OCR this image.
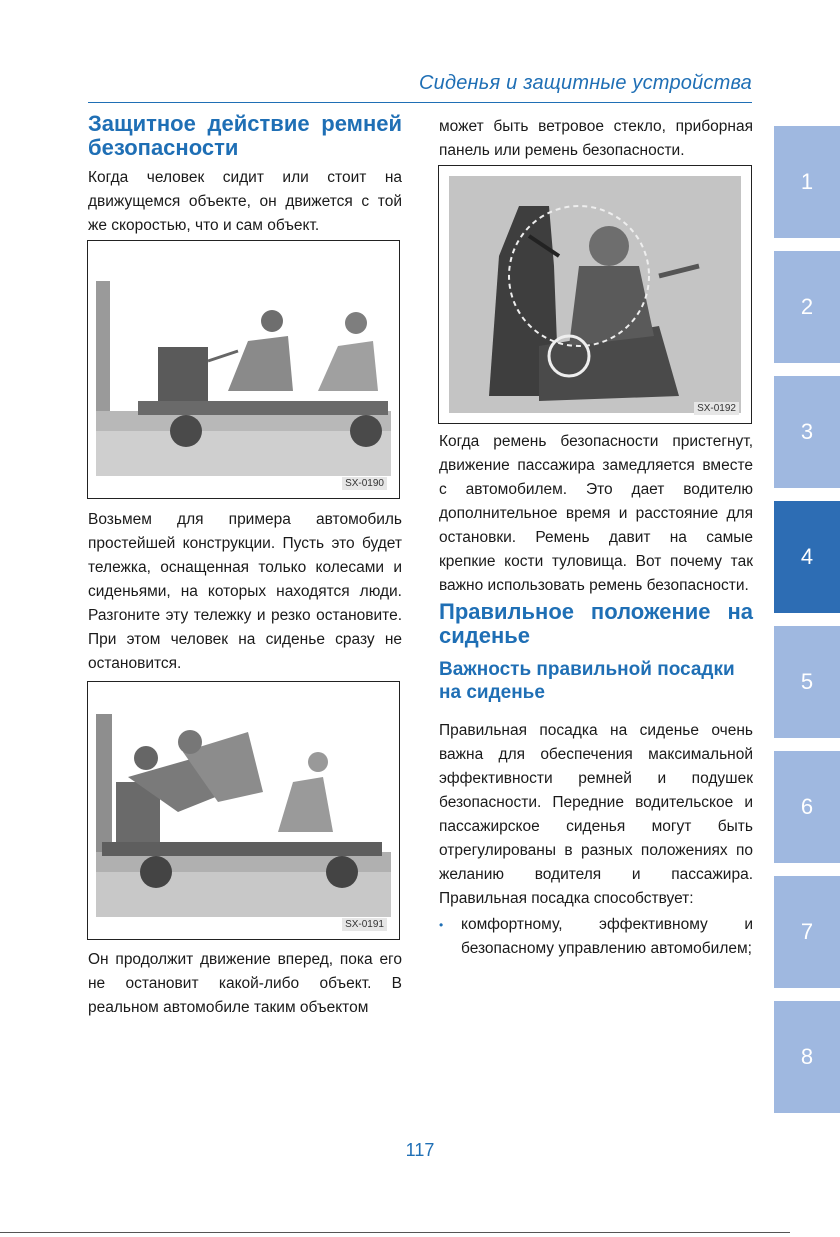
Сиденья и защитные устройства
Защитное действие ремней безопасности

Когда человек сидит или стоит на движущемся объекте, он движется с той же скоростью, что и сам объект.

SX-0190

Возьмем для примера автомобиль простейшей конструкции. Пусть это будет тележка, оснащенная только колесами и сиденьями, на которых находятся люди. Разгоните эту тележку и резко остановите. При этом человек на сиденье сразу не остановится.

SX-0191

Он продолжит движение вперед, пока его не остановит какой-либо объект. В реальном автомобиле таким объектом

может быть ветровое стекло, приборная панель или ремень безопасности.

SX-0192

Когда ремень безопасности пристегнут, движение пассажира замедляется вместе с автомобилем. Это дает водителю дополнительное время и расстояние для остановки. Ремень давит на самые крепкие кости туловища. Вот почему так важно использовать ремень безопасности.

Правильное положение на сиденье
Важность правильной посадки на сиденье

Правильная посадка на сиденье очень важна для обеспечения максимальной эффективности ремней и подушек безопасности. Передние водительское и пассажирское сиденья могут быть отрегулированы в разных положениях по желанию водителя и пассажира. Правильная посадка способствует:

• комфортному, эффективному и безопасному управлению автомобилем;
1
2
3
4
5
6
7
8
117
